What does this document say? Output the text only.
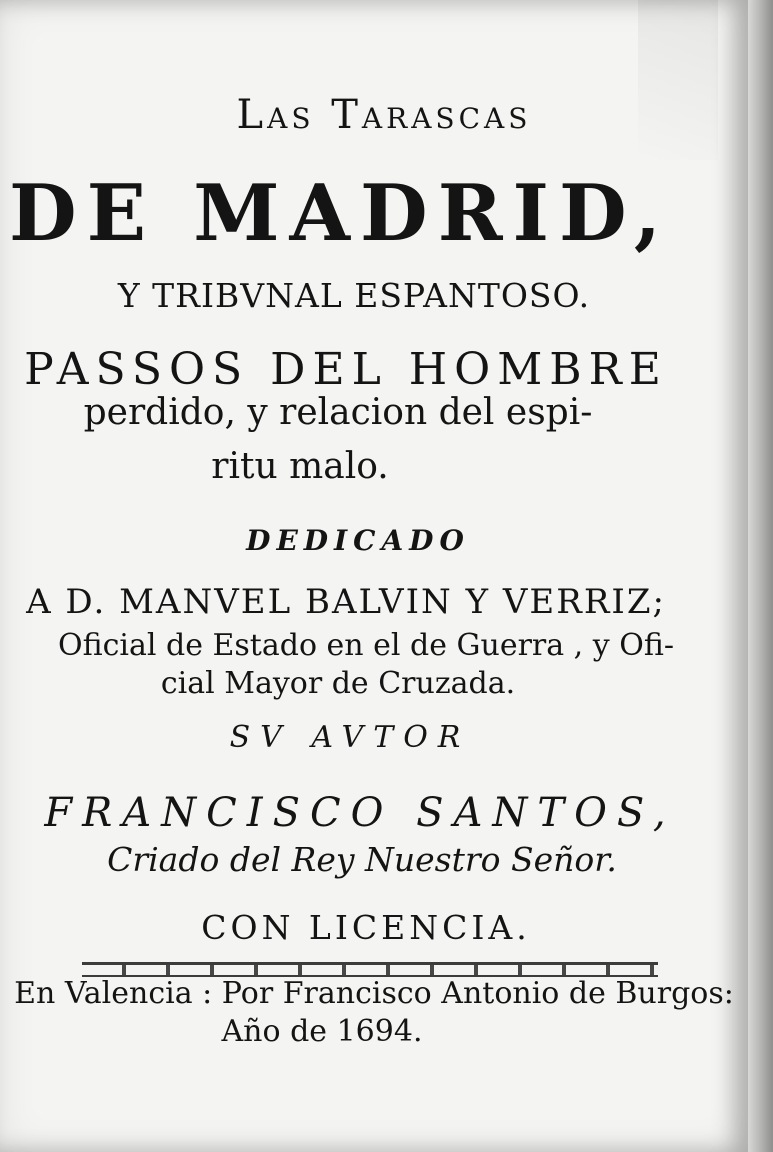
Las Tarascas
DE MADRID,
Y TRIBVNAL ESPANTOSO.
PASSOS DEL HOMBRE
perdido, y relacion del espi-
ritu malo.
DEDICADO
A D. MANVEL BALVIN Y VERRIZ;
Oficial de Estado en el de Guerra , y Ofi-
cial Mayor de Cruzada.
SV AVTOR
FRANCISCO SANTOS,
Criado del Rey Nuestro Señor.
CON LICENCIA.
En Valencia : Por Francisco Antonio de Burgos:
Año de 1694.
